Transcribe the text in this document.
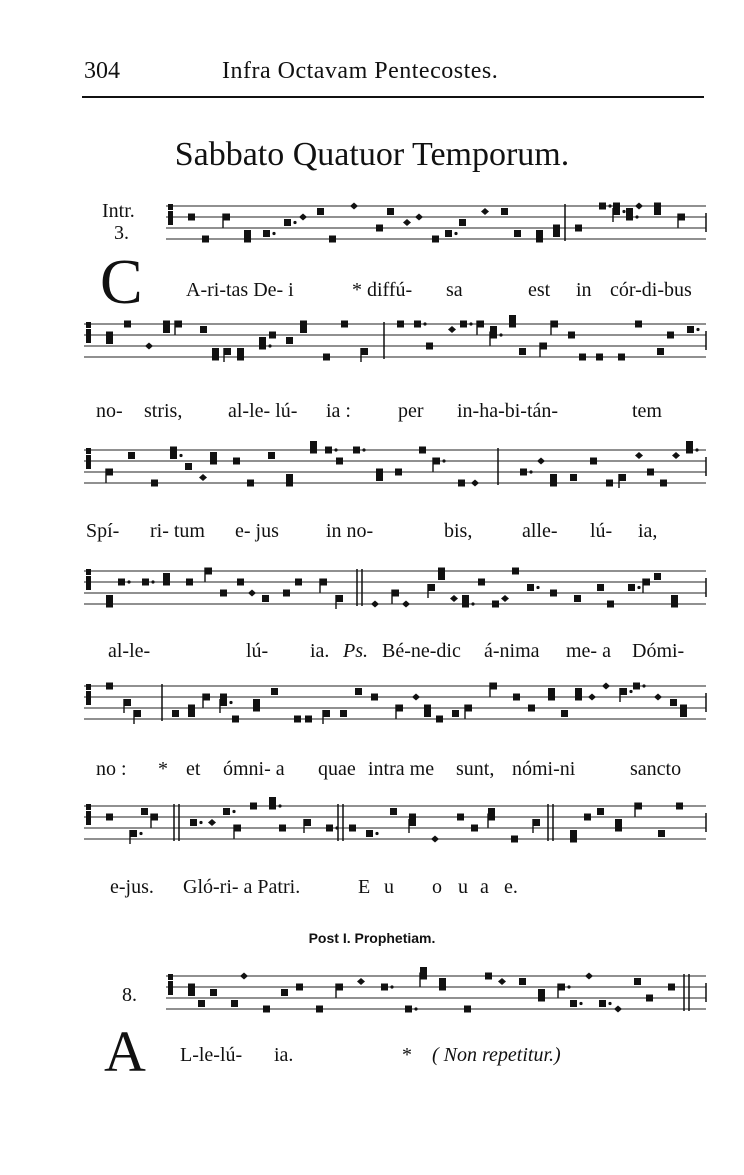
304	Infra Octavam Pentecostes.
Sabbato Quatuor Temporum.
Intr.
3.
C A-ri-tas De- i	* diffú- sa	est in cór-di-bus
no- stris, al-le- lú- ia : per in-ha-bi-tán-	tem
Spí- ri- tum e- jus in no-	bis, alle- lú- ia,
al-le-	lú- ia. Ps. Bé-ne-dic á-nima me- a Dómi-
no : * et ómni- a quae intra me sunt, nómi-ni	sancto
e-jus. Gló-ri- a Patri.	E u o u a e.
Post I. Prophetiam.
8.
A L-le-lú- ia.	* ( Non repetitur.)
